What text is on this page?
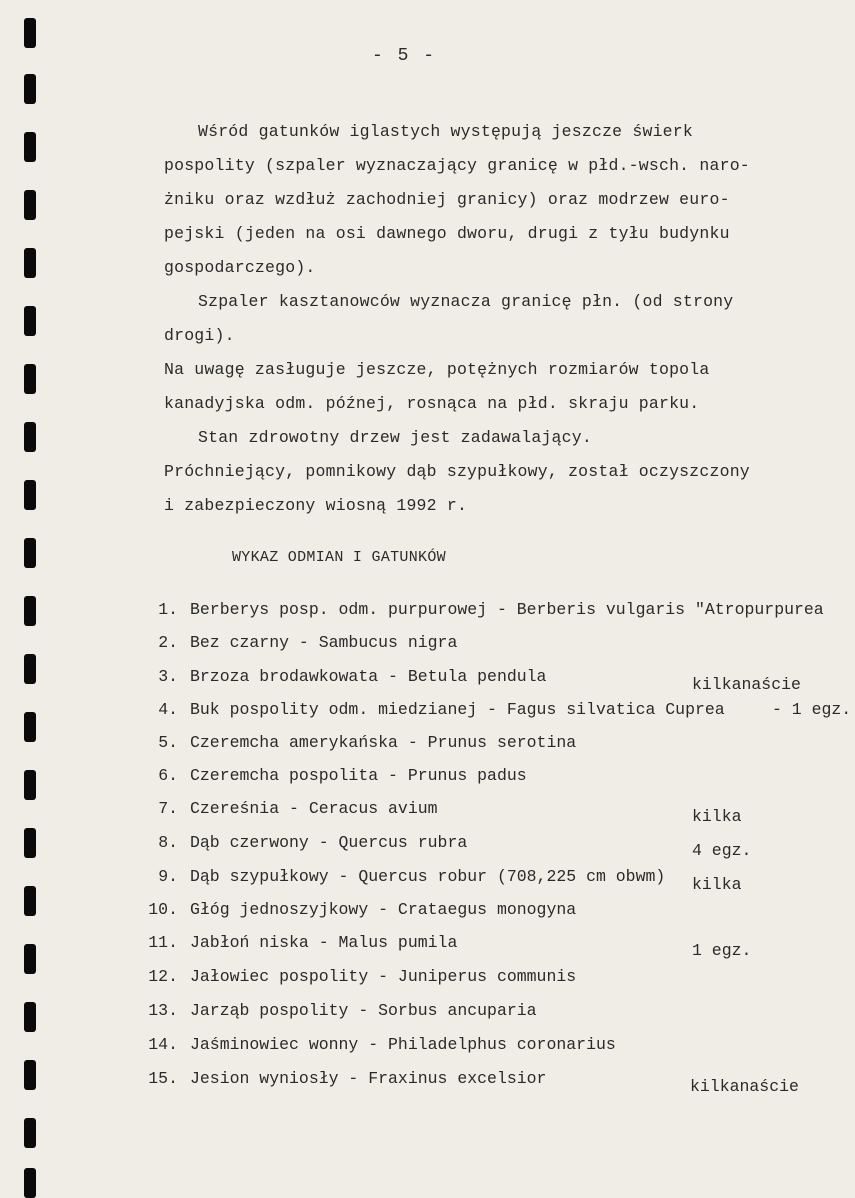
- 5 -
Wśród gatunków iglastych występują jeszcze świerk
pospolity (szpaler wyznaczający granicę w płd.-wsch. naro-
żniku oraz wzdłuż zachodniej granicy) oraz modrzew euro-
pejski (jeden na osi dawnego dworu, drugi z tyłu budynku
gospodarczego).
Szpaler kasztanowców wyznacza granicę płn. (od strony
drogi).
Na uwagę zasługuje jeszcze, potężnych rozmiarów topola
kanadyjska odm. późnej, rosnąca na płd. skraju parku.
Stan zdrowotny drzew jest zadawalający.
Próchniejący, pomnikowy dąb szypułkowy, został oczyszczony
i zabezpieczony wiosną 1992 r.
WYKAZ ODMIAN I GATUNKÓW
1. Berberys posp. odm. purpurowej - Berberis vulgaris "Atropurpurea
2. Bez czarny - Sambucus nigra
3. Brzoza brodawkowata - Betula pendula	kilkanaście
4. Buk pospolity odm. miedzianej - Fagus silvatica Cuprea	- 1 egz.
5. Czeremcha amerykańska - Prunus serotina
6. Czeremcha pospolita - Prunus padus
7. Czereśnia - Ceracus avium	kilka
8. Dąb czerwony - Quercus rubra	4 egz.
9. Dąb szypułkowy - Quercus robur (708,225 cm obwm) kilka
10. Głóg jednoszyjkowy - Crataegus monogyna
11. Jabłoń niska - Malus pumila	1 egz.
12. Jałowiec pospolity - Juniperus communis
13. Jarząb pospolity - Sorbus ancuparia
14. Jaśminowiec wonny - Philadelphus coronarius
15. Jesion wyniosły - Fraxinus excelsior	kilkanaście
